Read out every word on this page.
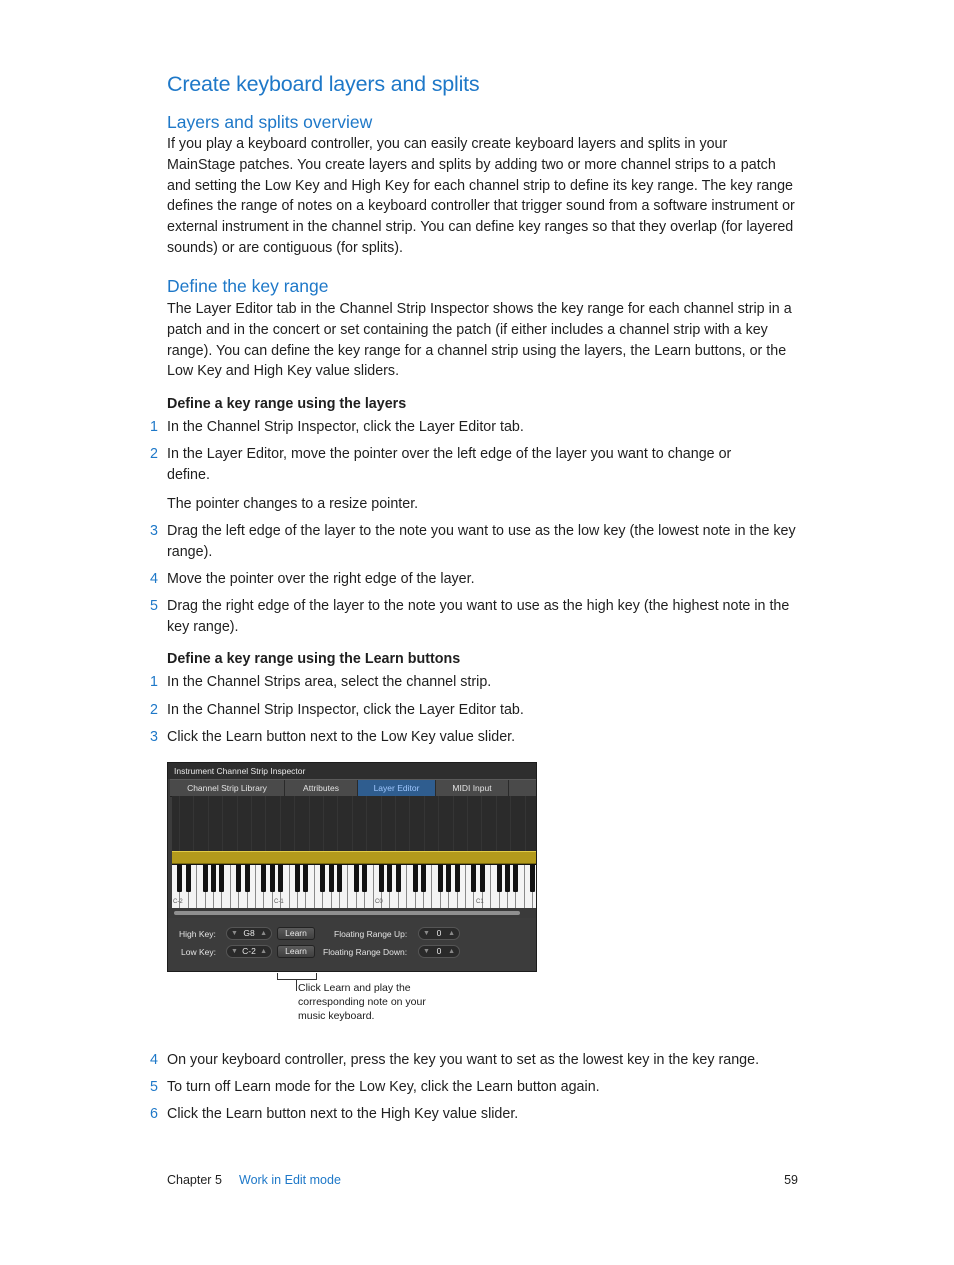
Create keyboard layers and splits
Layers and splits overview

If you play a keyboard controller, you can easily create keyboard layers and splits in your MainStage patches. You create layers and splits by adding two or more channel strips to a patch and setting the Low Key and High Key for each channel strip to define its key range. The key range defines the range of notes on a keyboard controller that trigger sound from a software instrument or external instrument in the channel strip. You can define key ranges so that they overlap (for layered sounds) or are contiguous (for splits).

Define the key range

The Layer Editor tab in the Channel Strip Inspector shows the key range for each channel strip in a patch and in the concert or set containing the patch (if either includes a channel strip with a key range). You can define the key range for a channel strip using the layers, the Learn buttons, or the Low Key and High Key value sliders.

Define a key range using the layers
1 In the Channel Strip Inspector, click the Layer Editor tab.
2 In the Layer Editor, move the pointer over the left edge of the layer you want to change or define.
The pointer changes to a resize pointer.
3 Drag the left edge of the layer to the note you want to use as the low key (the lowest note in the key range).
4 Move the pointer over the right edge of the layer.
5 Drag the right edge of the layer to the note you want to use as the high key (the highest note in the key range).
Define a key range using the Learn buttons
1 In the Channel Strips area, select the channel strip.
2 In the Channel Strip Inspector, click the Layer Editor tab.
3 Click the Learn button next to the Low Key value slider.
Instrument Channel Strip Inspector
Channel Strip Library	Attributes	Layer Editor	MIDI Input
C-2	C-1	C0	C1
High Key: ▼ G8 ▲	Learn	Floating Range Up: ▼ 0 ▲
Low Key: ▼ C-2 ▲	Learn	Floating Range Down: ▼ 0 ▲
Click Learn and play the corresponding note on your music keyboard.
4 On your keyboard controller, press the key you want to set as the lowest key in the key range.
5 To turn off Learn mode for the Low Key, click the Learn button again.
6 Click the Learn button next to the High Key value slider.
Chapter 5 Work in Edit mode	59
